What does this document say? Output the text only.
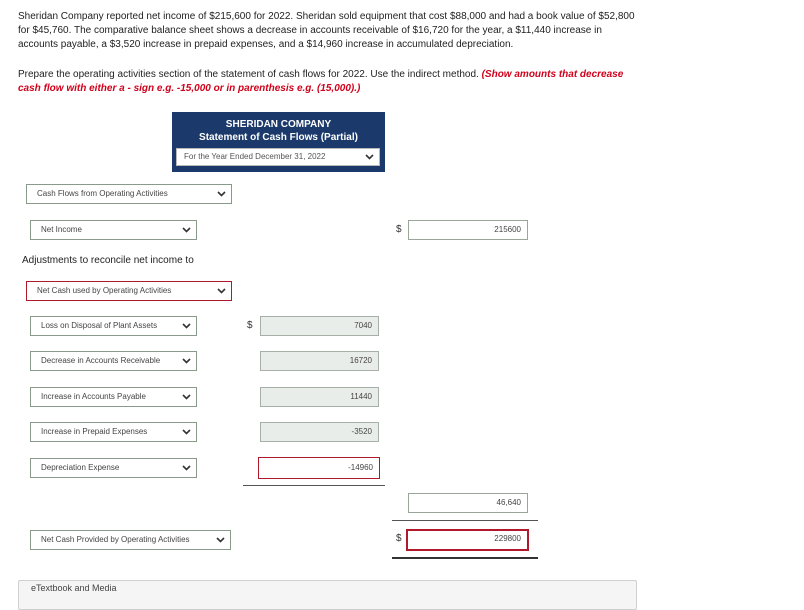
Sheridan Company reported net income of $215,600 for 2022. Sheridan sold equipment that cost $88,000 and had a book value of $52,800 for $45,760. The comparative balance sheet shows a decrease in accounts receivable of $16,720 for the year, a $11,440 increase in accounts payable, a $3,520 increase in prepaid expenses, and a $14,960 increase in accumulated depreciation.

Prepare the operating activities section of the statement of cash flows for 2022. Use the indirect method. (Show amounts that decrease cash flow with either a - sign e.g. -15,000 or in parenthesis e.g. (15,000).)

SHERIDAN COMPANY
Statement of Cash Flows (Partial)
For the Year Ended December 31, 2022
Cash Flows from Operating Activities
Net Income	$	215600
Adjustments to reconcile net income to
Net Cash used by Operating Activities
Loss on Disposal of Plant Assets	$	7040
Decrease in Accounts Receivable	16720
Increase in Accounts Payable	11440
Increase in Prepaid Expenses	-3520
Depreciation Expense	-14960
46,640
Net Cash Provided by Operating Activities	$	229800
eTextbook and Media
